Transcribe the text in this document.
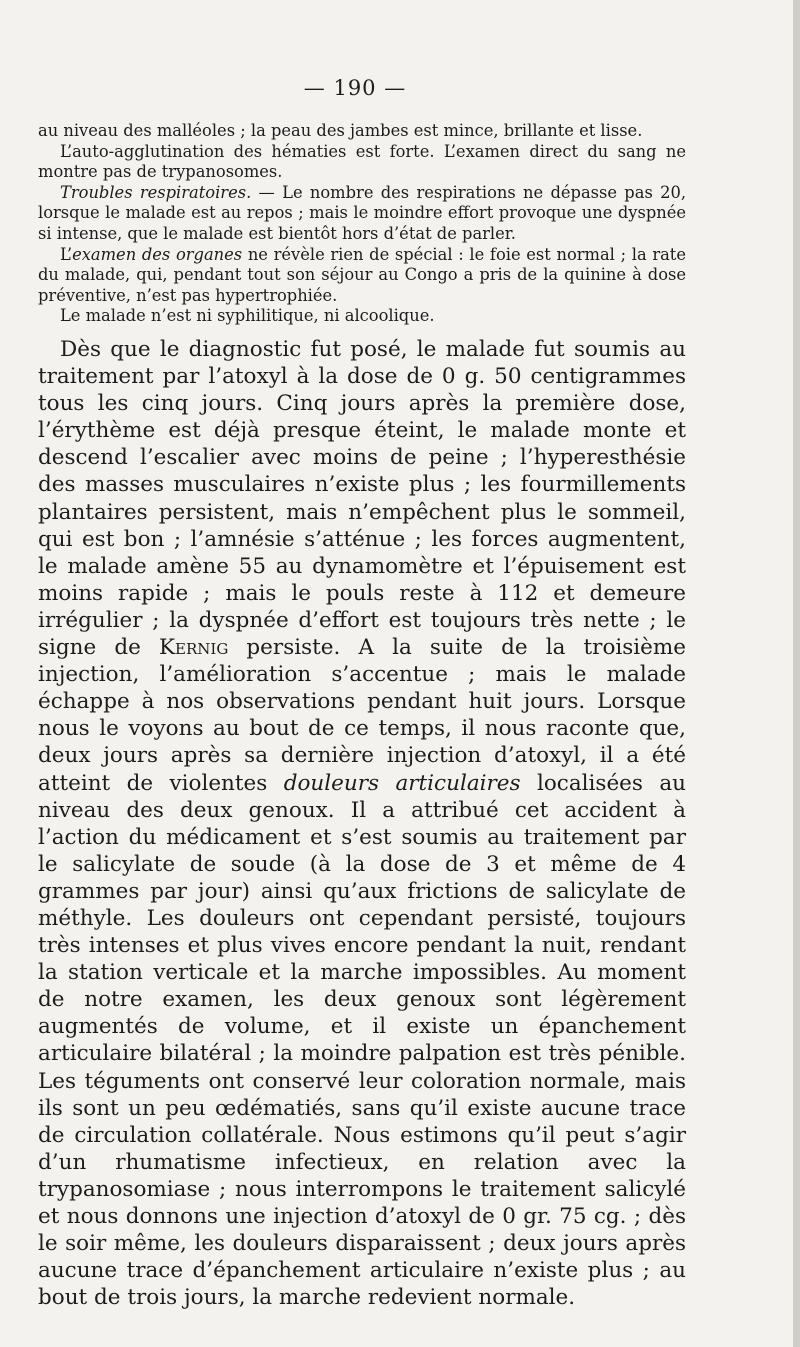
— 190 —

au niveau des malléoles ; la peau des jambes est mince, brillante et lisse.

L’auto-agglutination des hématies est forte. L’examen direct du sang ne montre pas de trypanosomes.

Troubles respiratoires. — Le nombre des respirations ne dépasse pas 20, lorsque le malade est au repos ; mais le moindre effort provoque une dyspnée si intense, que le malade est bientôt hors d’état de parler.

L’examen des organes ne révèle rien de spécial : le foie est normal ; la rate du malade, qui, pendant tout son séjour au Congo a pris de la quinine à dose préventive, n’est pas hypertrophiée.

Le malade n’est ni syphilitique, ni alcoolique.

Dès que le diagnostic fut posé, le malade fut soumis au traitement par l’atoxyl à la dose de 0 g. 50 centigrammes tous les cinq jours. Cinq jours après la première dose, l’érythème est déjà presque éteint, le malade monte et descend l’escalier avec moins de peine ; l’hyperesthésie des masses musculaires n’existe plus ; les fourmillements plantaires persistent, mais n’empêchent plus le sommeil, qui est bon ; l’amnésie s’atténue ; les forces augmentent, le malade amène 55 au dynamomètre et l’épuisement est moins rapide ; mais le pouls reste à 112 et demeure irrégulier ; la dyspnée d’effort est toujours très nette ; le signe de Kernig persiste. A la suite de la troisième injection, l’amélioration s’accentue ; mais le malade échappe à nos observations pendant huit jours. Lorsque nous le voyons au bout de ce temps, il nous raconte que, deux jours après sa dernière injection d’atoxyl, il a été atteint de violentes douleurs articulaires localisées au niveau des deux genoux. Il a attribué cet accident à l’action du médicament et s’est soumis au traitement par le salicylate de soude (à la dose de 3 et même de 4 grammes par jour) ainsi qu’aux frictions de salicylate de méthyle. Les douleurs ont cependant persisté, toujours très intenses et plus vives encore pendant la nuit, rendant la station verticale et la marche impossibles. Au moment de notre examen, les deux genoux sont légèrement augmentés de volume, et il existe un épanchement articulaire bilatéral ; la moindre palpation est très pénible. Les téguments ont conservé leur coloration normale, mais ils sont un peu œdématiés, sans qu’il existe aucune trace de circulation collatérale. Nous estimons qu’il peut s’agir d’un rhumatisme infectieux, en relation avec la trypanosomiase ; nous interrompons le traitement salicylé et nous donnons une injection d’atoxyl de 0 gr. 75 cg. ; dès le soir même, les douleurs disparaissent ; deux jours après aucune trace d’épanchement articulaire n’existe plus ; au bout de trois jours, la marche redevient normale.
